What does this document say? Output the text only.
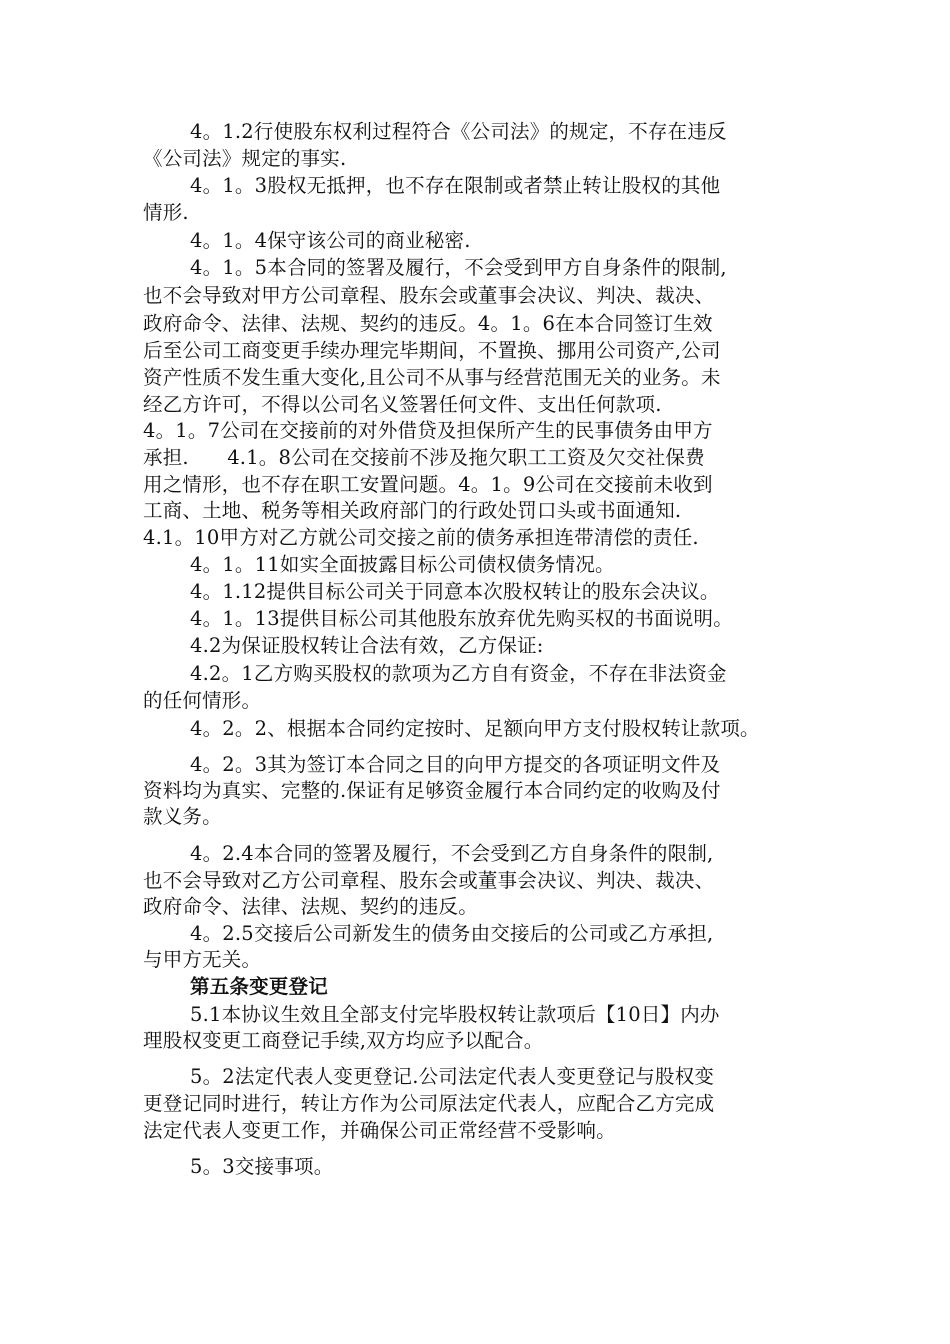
4。1.2行使股东权利过程符合《公司法》的规定，不存在违反
《公司法》规定的事实.
4。1。3股权无抵押，也不存在限制或者禁止转让股权的其他
情形.
4。1。4保守该公司的商业秘密.
4。1。5本合同的签署及履行，不会受到甲方自身条件的限制,
也不会导致对甲方公司章程、股东会或董事会决议、判决、裁决、
政府命令、法律、法规、契约的违反。4。1。6在本合同签订生效
后至公司工商变更手续办理完毕期间，不置换、挪用公司资产,公司
资产性质不发生重大变化,且公司不从事与经营范围无关的业务。未
经乙方许可，不得以公司名义签署任何文件、支出任何款项.
4。1。7公司在交接前的对外借贷及担保所产生的民事债务由甲方
承担.      4.1。8公司在交接前不涉及拖欠职工工资及欠交社保费
用之情形，也不存在职工安置问题。4。1。9公司在交接前未收到
工商、土地、税务等相关政府部门的行政处罚口头或书面通知.
4.1。10甲方对乙方就公司交接之前的债务承担连带清偿的责任.
4。1。11如实全面披露目标公司债权债务情况。
4。1.12提供目标公司关于同意本次股权转让的股东会决议。
4。1。13提供目标公司其他股东放弃优先购买权的书面说明。
4.2为保证股权转让合法有效，乙方保证:
4.2。1乙方购买股权的款项为乙方自有资金，不存在非法资金
的任何情形。
4。2。2、根据本合同约定按时、足额向甲方支付股权转让款项。
4。2。3其为签订本合同之目的向甲方提交的各项证明文件及
资料均为真实、完整的.保证有足够资金履行本合同约定的收购及付
款义务。
4。2.4本合同的签署及履行，不会受到乙方自身条件的限制,
也不会导致对乙方公司章程、股东会或董事会决议、判决、裁决、
政府命令、法律、法规、契约的违反。
4。2.5交接后公司新发生的债务由交接后的公司或乙方承担,
与甲方无关。
第五条变更登记
5.1本协议生效且全部支付完毕股权转让款项后【10日】内办
理股权变更工商登记手续,双方均应予以配合。
5。2法定代表人变更登记.公司法定代表人变更登记与股权变
更登记同时进行，转让方作为公司原法定代表人，应配合乙方完成
法定代表人变更工作，并确保公司正常经营不受影响。
5。3交接事项。
